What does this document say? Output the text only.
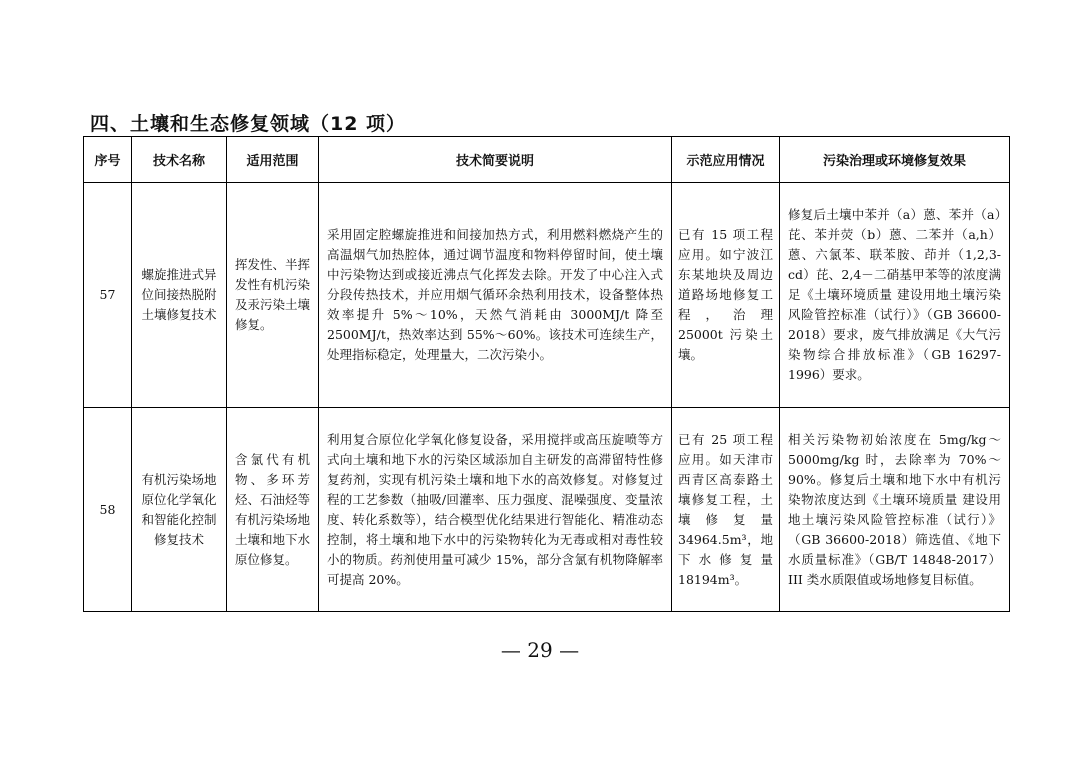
四、土壤和生态修复领域（12 项）
序号	技术名称	适用范围	技术简要说明	示范应用情况	污染治理或环境修复效果

57	螺旋推进式异位间接热脱附土壤修复技术	挥发性、半挥发性有机污染及汞污染土壤修复。	采用固定腔螺旋推进和间接加热方式，利用燃料燃烧产生的高温烟气加热腔体，通过调节温度和物料停留时间，使土壤中污染物达到或接近沸点气化挥发去除。开发了中心注入式分段传热技术，并应用烟气循环余热利用技术，设备整体热效率提升 5%～10%，天然气消耗由 3000MJ/t 降至 2500MJ/t，热效率达到 55%～60%。该技术可连续生产，处理指标稳定，处理量大，二次污染小。	已有 15 项工程应用。如宁波江东某地块及周边道路场地修复工程，治理 25000t 污染土壤。	修复后土壤中苯并（a）蒽、苯并（a）芘、苯并荧（b）蒽、二苯并（a,h）蒽、六氯苯、联苯胺、茚并（1,2,3-cd）芘、2,4－二硝基甲苯等的浓度满足《土壤环境质量 建设用地土壤污染风险管控标准（试行）》（GB 36600-2018）要求，废气排放满足《大气污染物综合排放标准》（GB 16297-1996）要求。

58	有机污染场地原位化学氧化和智能化控制修复技术	含氯代有机物、多环芳烃、石油烃等有机污染场地土壤和地下水原位修复。	利用复合原位化学氧化修复设备，采用搅拌或高压旋喷等方式向土壤和地下水的污染区域添加自主研发的高滞留特性修复药剂，实现有机污染土壤和地下水的高效修复。对修复过程的工艺参数（抽吸/回灌率、压力强度、混噪强度、变量浓度、转化系数等），结合模型优化结果进行智能化、精准动态控制，将土壤和地下水中的污染物转化为无毒或相对毒性较小的物质。药剂使用量可减少 15%，部分含氯有机物降解率可提高 20%。	已有 25 项工程应用。如天津市西青区高泰路土壤修复工程，土壤修复量 34964.5m³，地下水修复量 18194m³。	相关污染物初始浓度在 5mg/kg～5000mg/kg 时，去除率为 70%～90%。修复后土壤和地下水中有机污染物浓度达到《土壤环境质量 建设用地土壤污染风险管控标准（试行）》（GB 36600-2018）筛选值、《地下水质量标准》（GB/T 14848-2017）III 类水质限值或场地修复目标值。
— 29 —
